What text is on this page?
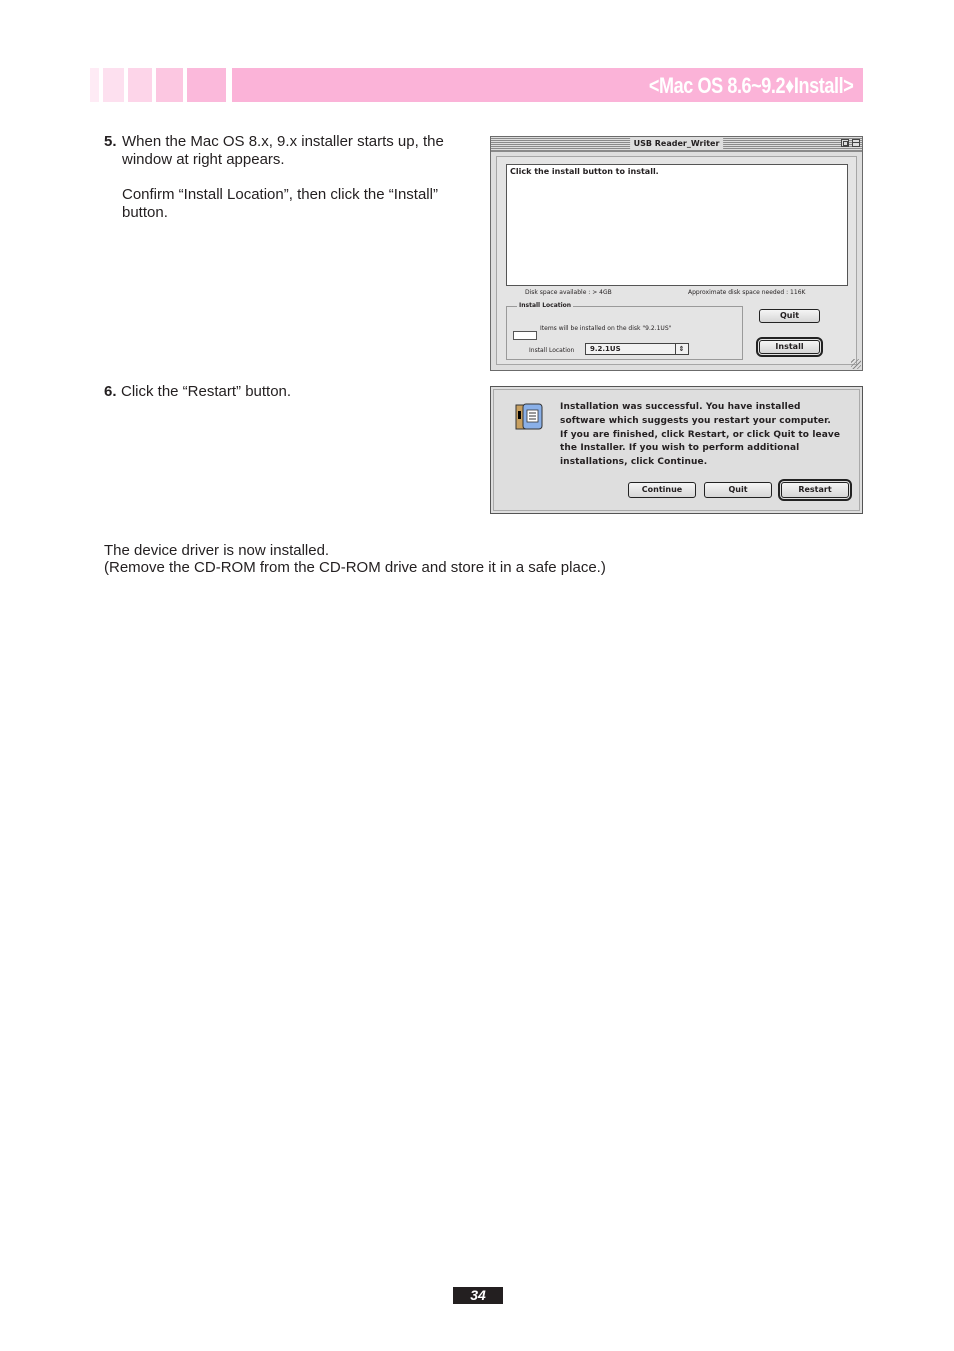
<Mac OS 8.6~9.2♦Install>
5. When the Mac OS 8.x, 9.x installer starts up, the
window at right appears.
Confirm “Install Location”, then click the “Install”
button.
USB Reader_Writer
Click the install button to install.
Disk space available : > 4GB	Approximate disk space needed : 116K
Install Location
Items will be installed on the disk "9.2.1US"
Install Location	9.2.1US	⇕
Quit
Install
6. Click the “Restart” button.
Installation was successful. You have installed
software which suggests you restart your computer.
If you are finished, click Restart, or click Quit to leave
the Installer. If you wish to perform additional
installations, click Continue.
Continue	Quit	Restart
The device driver is now installed.
(Remove the CD-ROM from the CD-ROM drive and store it in a safe place.)
34
